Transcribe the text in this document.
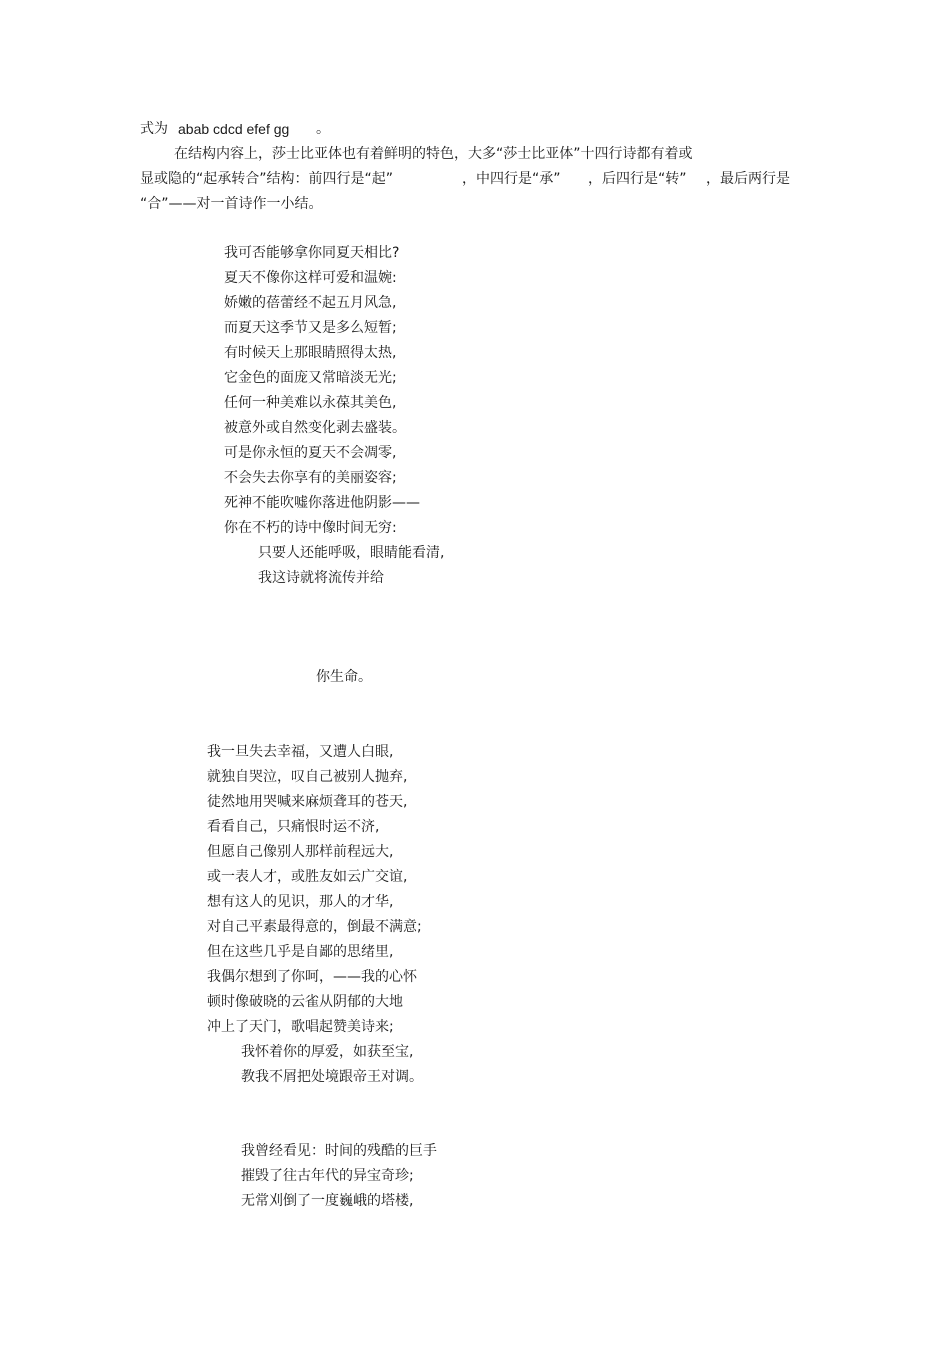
式为 abab cdcd efef gg 。
在结构内容上，莎士比亚体也有着鲜明的特色，大多“莎士比亚体”十四行诗都有着或
显或隐的“起承转合”结构：前四行是“起”	，中四行是“承” ，后四行是“转” ，最后两行是
“合”——对一首诗作一小结。
我可否能够拿你同夏天相比?
夏天不像你这样可爱和温婉:
娇嫩的蓓蕾经不起五月风急,
而夏天这季节又是多么短暂;
有时候天上那眼睛照得太热,
它金色的面庞又常暗淡无光;
任何一种美难以永葆其美色,
被意外或自然变化剥去盛装。
可是你永恒的夏天不会凋零,
不会失去你享有的美丽姿容;
死神不能吹嘘你落进他阴影——
你在不朽的诗中像时间无穷:
只要人还能呼吸，眼睛能看清,
我这诗就将流传并给
你生命。
我一旦失去幸福，又遭人白眼,
就独自哭泣，叹自己被别人抛弃,
徒然地用哭喊来麻烦聋耳的苍天,
看看自己，只痛恨时运不济,
但愿自己像别人那样前程远大,
或一表人才，或胜友如云广交谊,
想有这人的见识，那人的才华,
对自己平素最得意的，倒最不满意;
但在这些几乎是自鄙的思绪里,
我偶尔想到了你呵，——我的心怀
顿时像破晓的云雀从阴郁的大地
冲上了天门，歌唱起赞美诗来;
我怀着你的厚爱，如获至宝,
教我不屑把处境跟帝王对调。
我曾经看见：时间的残酷的巨手
摧毁了往古年代的异宝奇珍;
无常刈倒了一度巍峨的塔楼,
